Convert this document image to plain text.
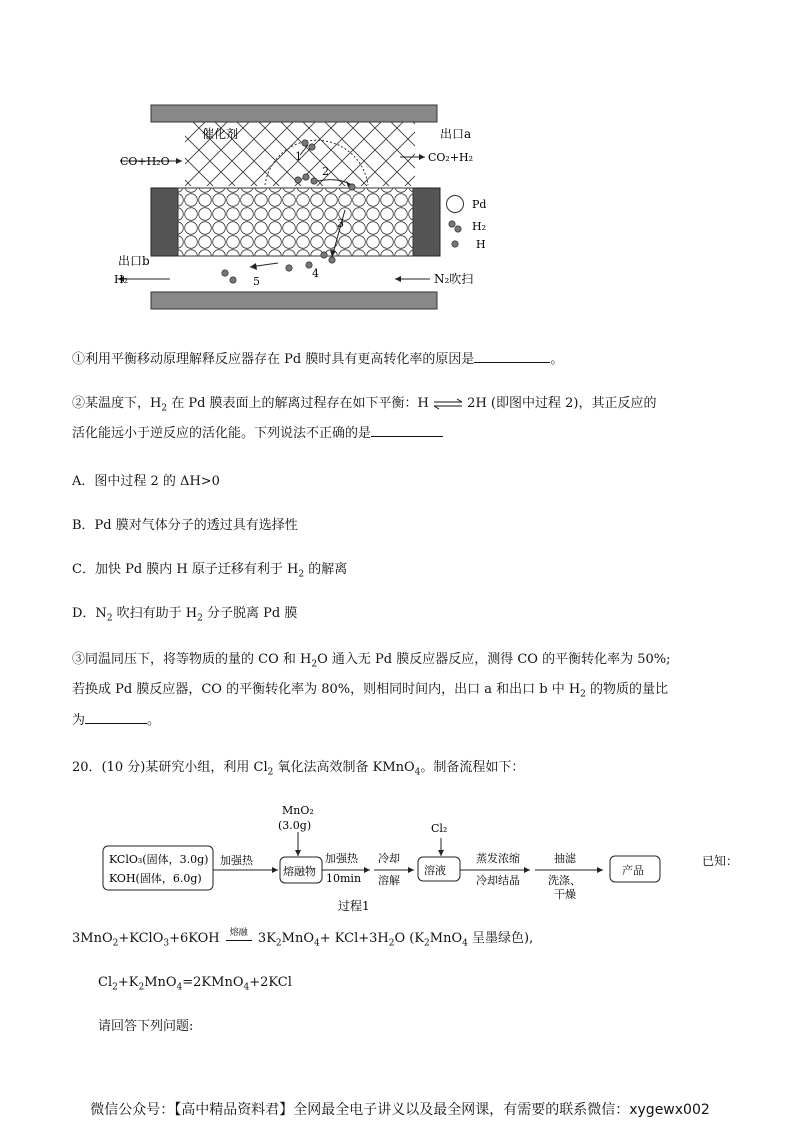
催化剂	出口a
CO+H₂O	CO₂+H₂
出口b
H₂	N₂吹扫
1
2
3
4
5
Pd
H₂
H
①利用平衡移动原理解释反应器存在 Pd 膜时具有更高转化率的原因是	。
②某温度下，$H_2$ 在 Pd 膜表面上的解离过程存在如下平衡：H ⇌ 2H (即图中过程 2)，其正反应的
活化能远小于逆反应的活化能。下列说法不正确的是
A．图中过程 2 的 ΔH>0
B．Pd 膜对气体分子的透过具有选择性
C．加快 Pd 膜内 H 原子迁移有利于 $H_2$ 的解离
D．$N_2$ 吹扫有助于 $H_2$ 分子脱离 Pd 膜
③同温同压下，将等物质的量的 CO 和 $H_2O$ 通入无 Pd 膜反应器反应，测得 CO 的平衡转化率为 50%;
若换成 Pd 膜反应器，CO 的平衡转化率为 80%，则相同时间内，出口 a 和出口 b 中 $H_2$ 的物质的量比
为	。
20．(10 分)某研究小组，利用 $Cl_2$ 氧化法高效制备 KMnO$_4$。制备流程如下：
KClO₃(固体，3.0g)
KOH(固体，6.0g)
加强热
MnO₂
(3.0g)
熔融物
加强热
10min
冷却
溶解
Cl₂
溶液
蒸发浓缩
冷却结晶
抽滤
洗涤、
干燥
产品
过程1
已知：
3MnO$_2$+KClO$_3$+6KOH $^{熔融}$
$3K_2MnO_4+ KCl+3H_2O$ ($K_2MnO_4$ 呈墨绿色),
$Cl_2+K_2MnO_4=2KMnO_4+2KCl$
请回答下列问题:
微信公众号：【高中精品资料君】全网最全电子讲义以及最全网课，有需要的联系微信：xygewx002
